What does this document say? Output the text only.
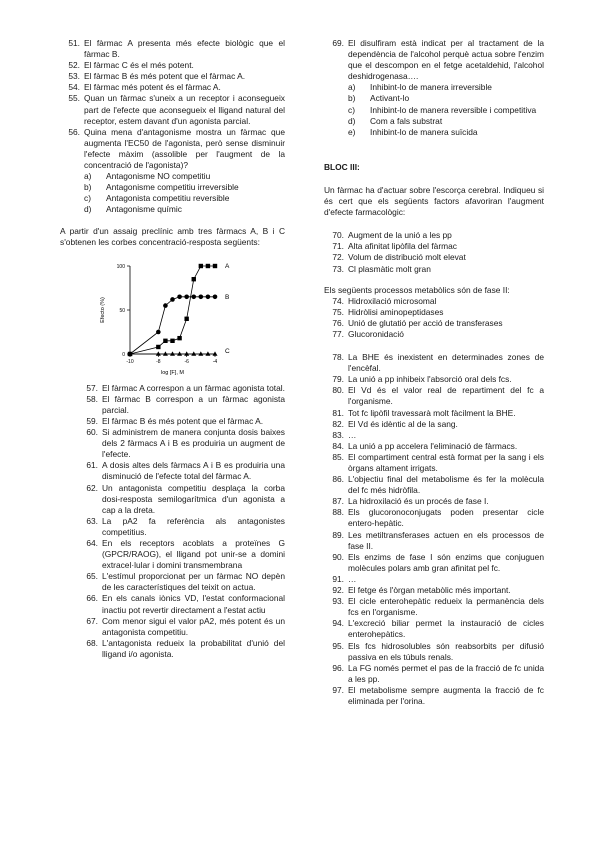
51. El fàrmac A presenta més efecte biològic que el fàrmac B.
52. El fàrmac C és el més potent.
53. El fàrmac B és més potent que el fàrmac A.
54. El fàrmac més potent és el fàrmac A.
55. Quan un fàrmac s'uneix a un receptor i aconsegueix part de l'efecte que aconsegueix el lligand natural del receptor, estem davant d'un agonista parcial.
56. Quina mena d'antagonisme mostra un fàrmac que augmenta l'EC50 de l'agonista, però sense disminuir l'efecte màxim (assolible per l'augment de la concentració de l'agonista)?
a)	Antagonisme NO competitiu
b)	Antagonisme competitiu irreversible
c)	Antagonista competitiu reversible
d)	Antagonisme químic

A partir d'un assaig preclínic amb tres fàrmacs A, B i C s'obtenen les corbes concentració-resposta següents:

0
50
100
-10	-8	-6	-4
log [F], M
Efecto (%)
A
B
C
57. El fàrmac A correspon a un fàrmac agonista total.
58. El fàrmac B correspon a un fàrmac agonista parcial.
59. El fàrmac B és més potent que el fàrmac A.
60. Si administrem de manera conjunta dosis baixes dels 2 fàrmacs A i B es produiria un augment de l'efecte.
61. A dosis altes dels fàrmacs A i B es produiria una disminució de l'efecte total del fàrmac A.
62. Un antagonista competitiu desplaça la corba dosi-resposta semilogarítmica d'un agonista a cap a la dreta.
63. La pA2 fa referència als antagonistes competitius.
64. En els receptors acoblats a proteïnes G (GPCR/RAOG), el lligand pot unir-se a domini extracel·lular i domini transmembrana
65. L'estímul proporcionat per un fàrmac NO depèn de les característiques del teixit on actua.
66. En els canals iònics VD, l'estat conformacional inactiu pot revertir directament a l'estat actiu
67. Com menor sigui el valor pA2, més potent és un antagonista competitiu.
68. L'antagonista redueix la probabilitat d'unió del lligand i/o agonista.
69. El disulfiram està indicat per al tractament de la dependència de l'alcohol perquè actua sobre l'enzim que el descompon en el fetge acetaldehid, l'alcohol deshidrogenasa….
a)	Inhibint-lo de manera irreversible
b)	Activant-lo
c)	Inhibint-lo de manera reversible i competitiva
d)	Com a fals substrat
e)	Inhibint-lo de manera suïcida

BLOC III:

Un fàrmac ha d'actuar sobre l'escorça cerebral. Indiqueu si és cert que els següents factors afavoriran l'augment d'efecte farmacològic:

70. Augment de la unió a les pp
71. Alta afinitat lipòfila del fàrmac
72. Volum de distribució molt elevat
73. Cl plasmàtic molt gran

Els següents processos metabòlics són de fase II:

74. Hidroxilació microsomal
75. Hidròlisi aminopeptidases
76. Unió de glutatió per acció de transferases
77. Glucoronidació
78. La BHE és inexistent en determinades zones de l'encèfal.
79. La unió a pp inhibeix l'absorció oral dels fcs.
80. El Vd és el valor real de repartiment del fc a l'organisme.
81. Tot fc lipòfil travessarà molt fàcilment la BHE.
82. El Vd és idèntic al de la sang.
83. …
84. La unió a pp accelera l'eliminació de fàrmacs.
85. El compartiment central està format per la sang i els òrgans altament irrigats.
86. L'objectiu final del metabolisme és fer la molècula del fc més hidròfila.
87. La hidroxilació és un procés de fase I.
88. Els glucoronoconjugats poden presentar cicle entero-hepàtic.
89. Les metiltransferases actuen en els processos de fase II.
90. Els enzims de fase I són enzims que conjuguen molècules polars amb gran afinitat pel fc.
91. …
92. El fetge és l'òrgan metabòlic més important.
93. El cicle enterohepàtic redueix la permanència dels fcs en l'organisme.
94. L'excreció biliar permet la instauració de cicles enterohepàtics.
95. Els fcs hidrosolubles són reabsorbits per difusió passiva en els túbuls renals.
96. La FG només permet el pas de la fracció de fc unida a les pp.
97. El metabolisme sempre augmenta la fracció de fc eliminada per l'orina.
